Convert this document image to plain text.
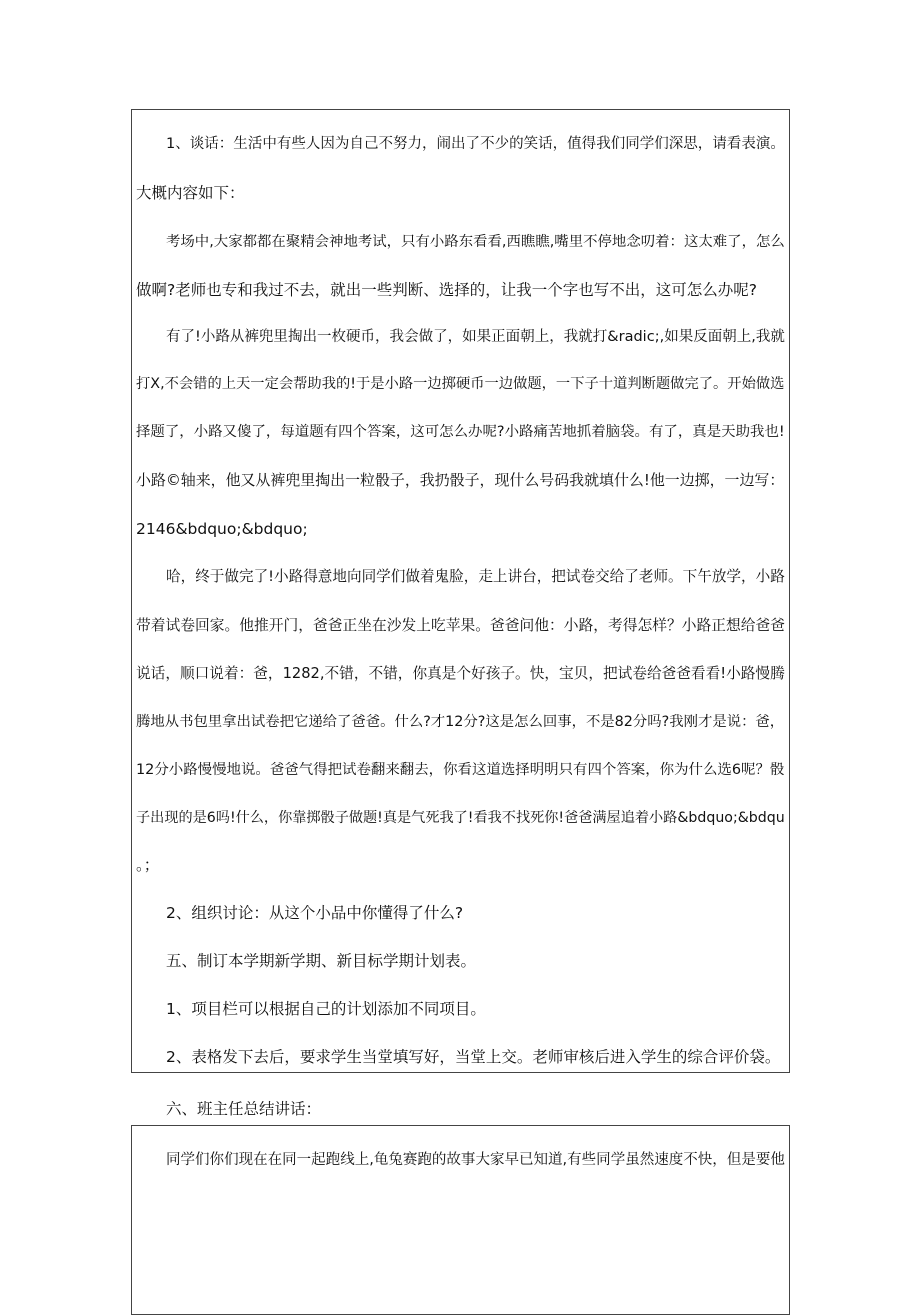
1、谈话：生活中有些人因为自己不努力，闹出了不少的笑话，值得我们同学们深思，请看表演。

大概内容如下：

考场中,大家都都在聚精会神地考试，只有小路东看看,西瞧瞧,嘴里不停地念叨着：这太难了，怎么

做啊?老师也专和我过不去，就出一些判断、选择的，让我一个字也写不出，这可怎么办呢?

有了!小路从裤兜里掏出一枚硬币，我会做了，如果正面朝上，我就打&radic;,如果反面朝上,我就

打X,不会错的上天一定会帮助我的!于是小路一边掷硬币一边做题，一下子十道判断题做完了。开始做选

择题了，小路又傻了，每道题有四个答案，这可怎么办呢?小路痛苦地抓着脑袋。有了，真是天助我也!

小路©轴来，他又从裤兜里掏出一粒骰子，我扔骰子，现什么号码我就填什么!他一边掷，一边写：

2146&bdquo;&bdquo;

哈，终于做完了!小路得意地向同学们做着鬼脸，走上讲台，把试卷交给了老师。下午放学，小路

带着试卷回家。他推开门，爸爸正坐在沙发上吃苹果。爸爸问他：小路，考得怎样？小路正想给爸爸

说话，顺口说着：爸，1282,不错，不错，你真是个好孩子。快，宝贝，把试卷给爸爸看看!小路慢腾

腾地从书包里拿出试卷把它递给了爸爸。什么?才12分?这是怎么回事，不是82分吗?我刚才是说：爸，

12分小路慢慢地说。爸爸气得把试卷翻来翻去，你看这道选择明明只有四个答案，你为什么选6呢？骰

子出现的是6吗!什么，你靠掷骰子做题!真是气死我了!看我不找死你!爸爸满屋追着小路&bdquo;&bdqu

。；

2、组织讨论：从这个小品中你懂得了什么?

五、制订本学期新学期、新目标学期计划表。

1、项目栏可以根据自己的计划添加不同项目。

2、表格发下去后，要求学生当堂填写好，当堂上交。老师审核后进入学生的综合评价袋。

六、班主任总结讲话：

同学们你们现在在同一起跑线上,龟兔赛跑的故事大家早已知道,有些同学虽然速度不快，但是要他
